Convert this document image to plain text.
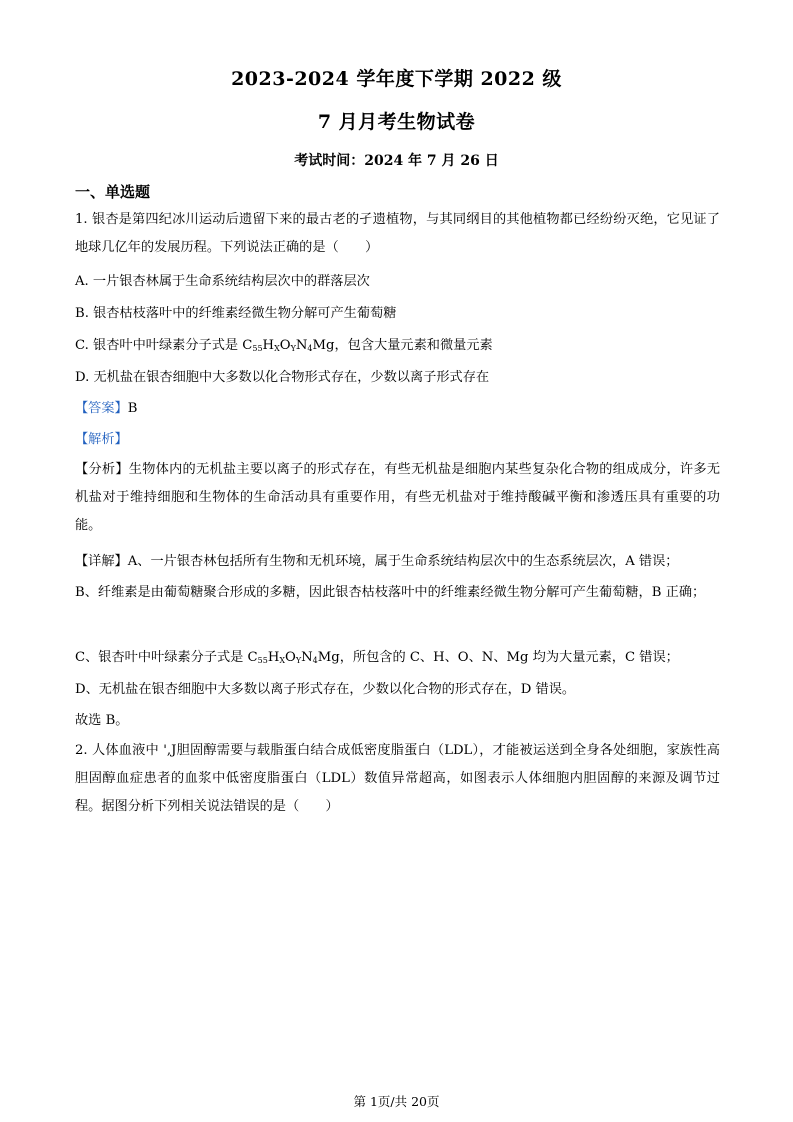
2023-2024 学年度下学期 2022 级
7 月月考生物试卷
考试时间：2024 年 7 月 26 日
一、单选题
1. 银杏是第四纪冰川运动后遗留下来的最古老的孑遗植物，与其同纲目的其他植物都已经纷纷灭绝，它见证了地球几亿年的发展历程。下列说法正确的是（　　）
A. 一片银杏林属于生命系统结构层次中的群落层次
B. 银杏枯枝落叶中的纤维素经微生物分解可产生葡萄糖
C. 银杏叶中叶绿素分子式是 $C_{55}H_XO_YN_4Mg$，包含大量元素和微量元素
D. 无机盐在银杏细胞中大多数以化合物形式存在，少数以离子形式存在
【答案】B
【解析】
【分析】生物体内的无机盐主要以离子的形式存在，有些无机盐是细胞内某些复杂化合物的组成成分，许多无机盐对于维持细胞和生物体的生命活动具有重要作用，有些无机盐对于维持酸碱平衡和渗透压具有重要的功能。
【详解】A、一片银杏林包括所有生物和无机环境，属于生命系统结构层次中的生态系统层次，A 错误；
B、纤维素是由葡萄糖聚合形成的多糖，因此银杏枯枝落叶中的纤维素经微生物分解可产生葡萄糖，B 正确；
C、银杏叶中叶绿素分子式是 $C_{55}H_XO_YN_4Mg$，所包含的 C、H、O、N、Mg 均为大量元素，C 错误；
D、无机盐在银杏细胞中大多数以离子形式存在，少数以化合物的形式存在，D 错误。
故选 B。
2. 人体血液中 ',J胆固醇需要与载脂蛋白结合成低密度脂蛋白（LDL），才能被运送到全身各处细胞，家族性高胆固醇血症患者的血浆中低密度脂蛋白（LDL）数值异常超高，如图表示人体细胞内胆固醇的来源及调节过程。据图分析下列相关说法错误的是（　　）
第 1页/共 20页
